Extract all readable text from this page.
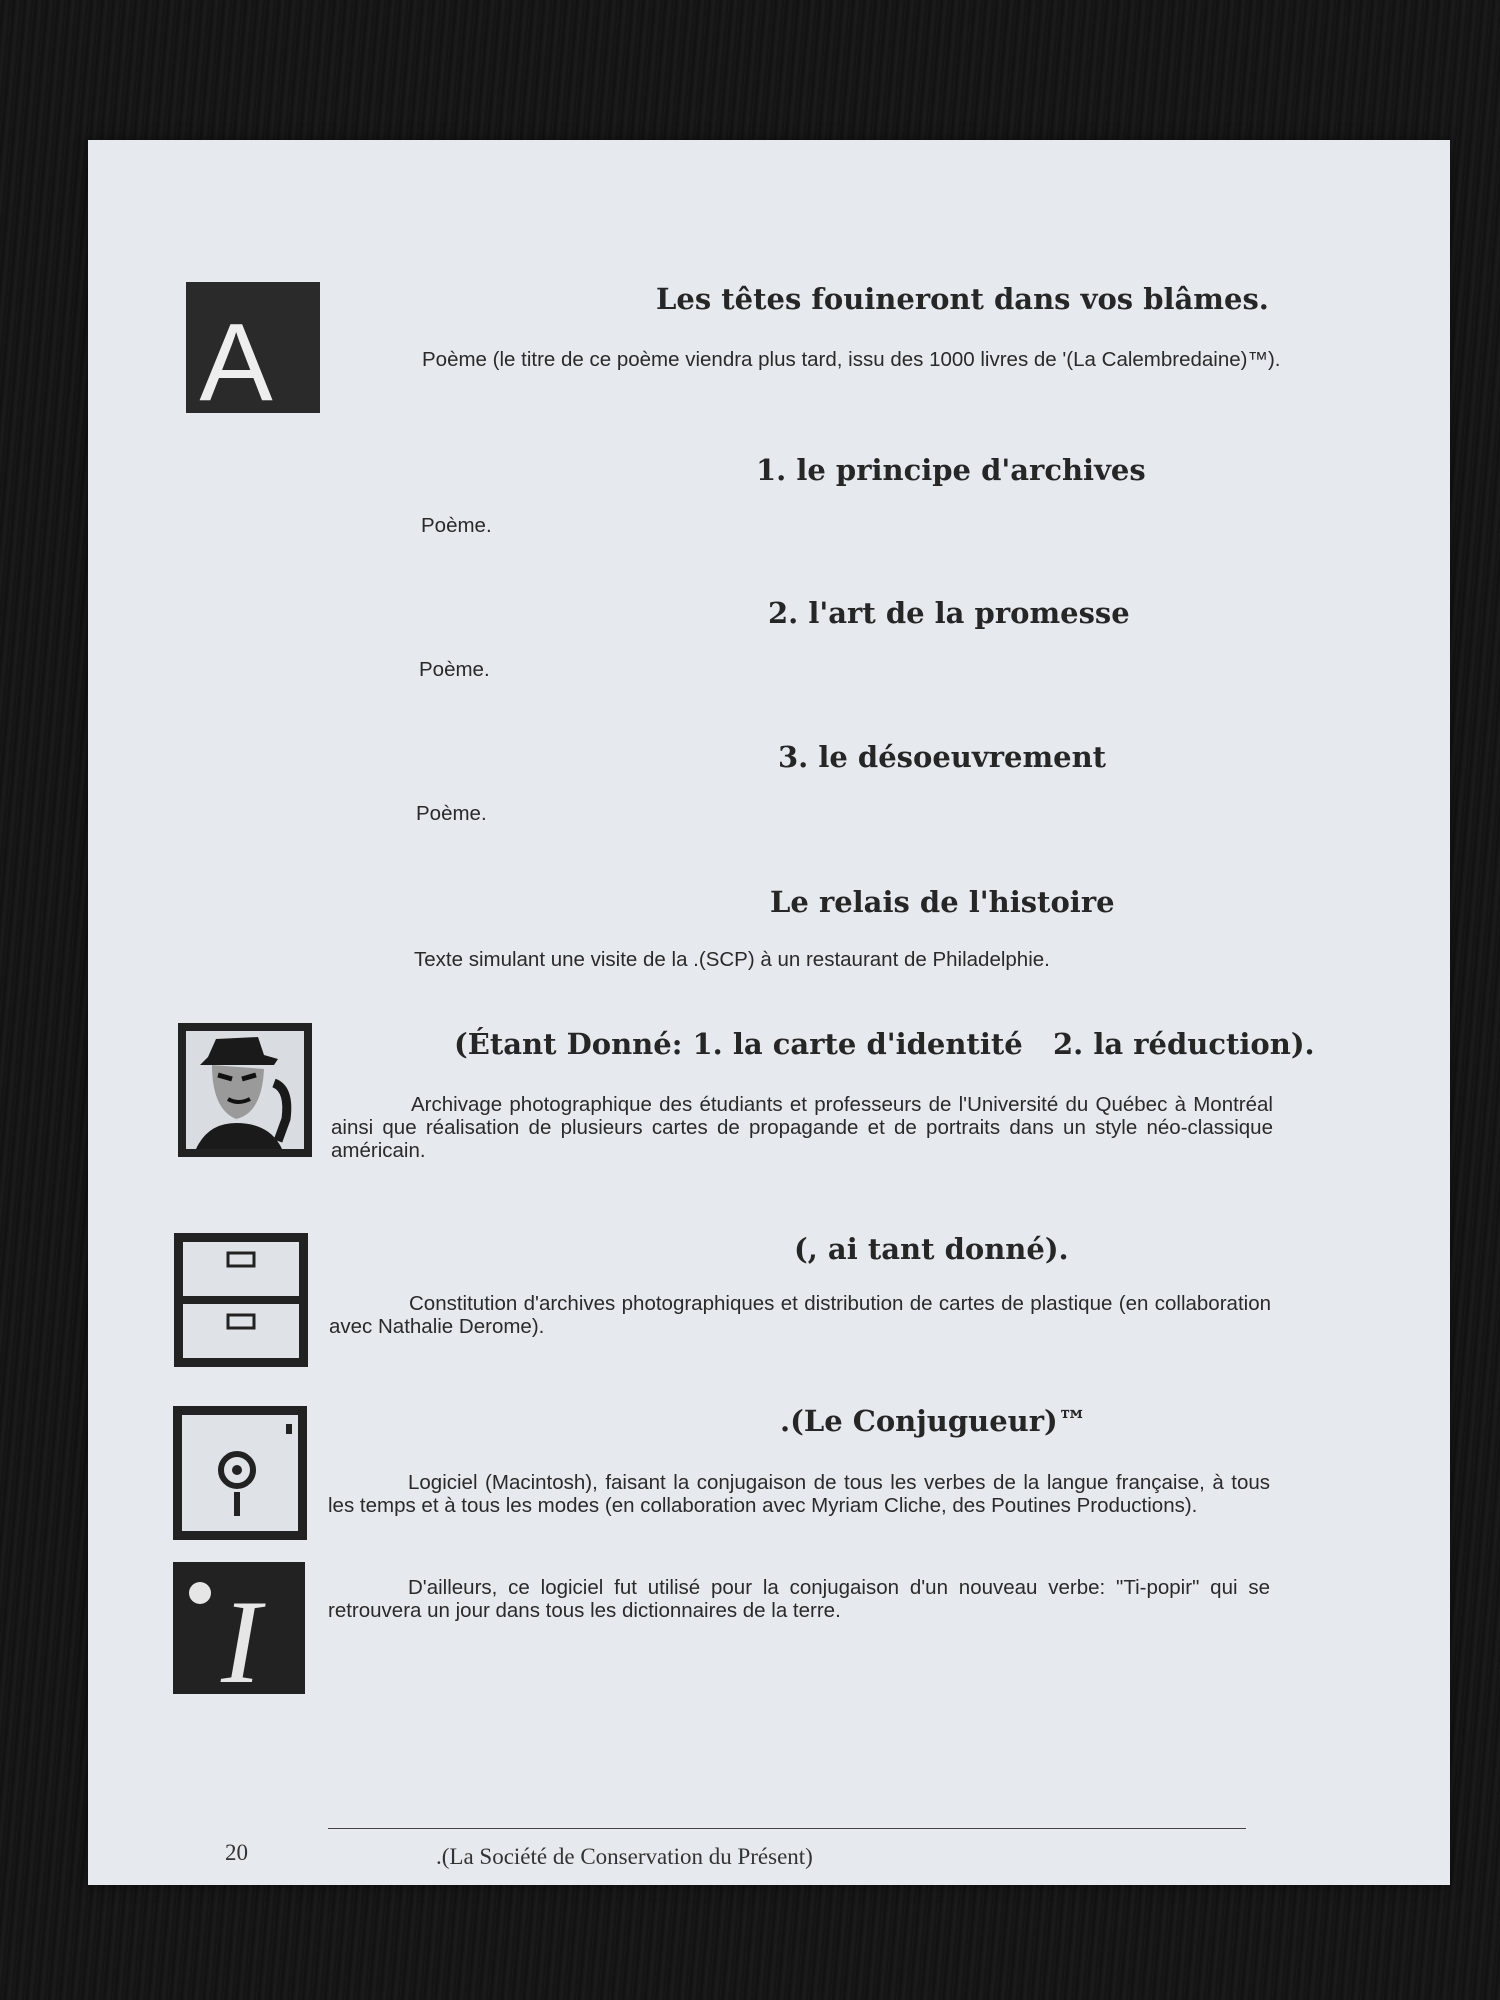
A
Les têtes fouineront dans vos blâmes.

Poème (le titre de ce poème viendra plus tard, issu des 1000 livres de '(La Calembredaine)™).

1. le principe d'archives

Poème.

2. l'art de la promesse

Poème.

3. le désoeuvrement

Poème.

Le relais de l'histoire

Texte simulant une visite de la .(SCP) à un restaurant de Philadelphie.

(Étant Donné: 1. la carte d'identité   2. la réduction).

Archivage photographique des étudiants et professeurs de l'Université du Québec à Montréal ainsi que réalisation de plusieurs cartes de propagande et de portraits dans un style néo-classique américain.

(, ai tant donné).

Constitution d'archives photographiques et distribution de cartes de plastique (en collaboration avec Nathalie Derome).

.(Le Conjugueur)™

Logiciel (Macintosh), faisant la conjugaison de tous les verbes de la langue française, à tous les temps et à tous les modes (en collaboration avec Myriam Cliche, des Poutines Productions).

I	D'ailleurs, ce logiciel fut utilisé pour la conjugaison d'un nouveau verbe: "Ti-popir" qui se retrouvera un jour dans tous les dictionnaires de la terre.

20	.(La Société de Conservation du Présent)
